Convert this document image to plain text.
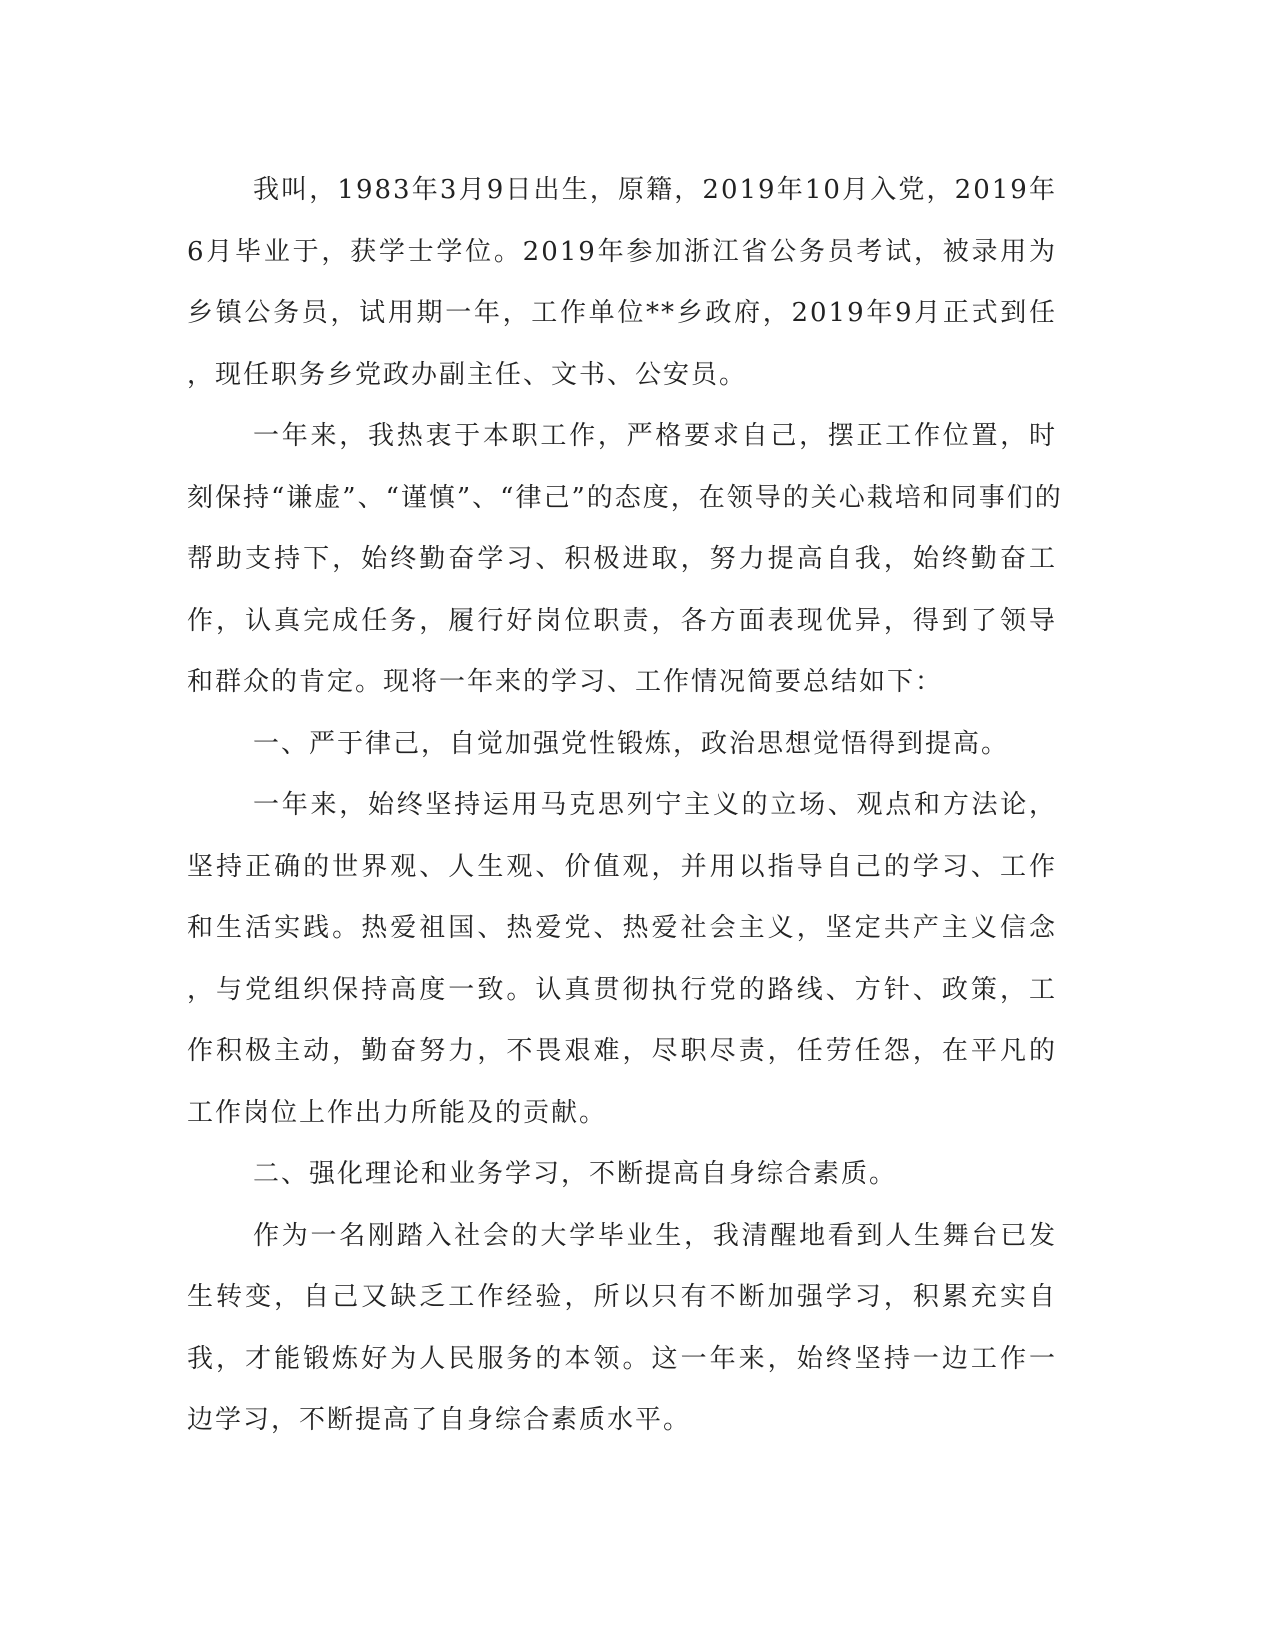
我叫，1983年3月9日出生，原籍，2019年10月入党，2019年
6月毕业于，获学士学位。2019年参加浙江省公务员考试，被录用为
乡镇公务员，试用期一年，工作单位**乡政府，2019年9月正式到任
，现任职务乡党政办副主任、文书、公安员。
一年来，我热衷于本职工作，严格要求自己，摆正工作位置，时
刻保持“谦虚”、“谨慎”、“律己”的态度，在领导的关心栽培和同事们的
帮助支持下，始终勤奋学习、积极进取，努力提高自我，始终勤奋工
作，认真完成任务，履行好岗位职责，各方面表现优异，得到了领导
和群众的肯定。现将一年来的学习、工作情况简要总结如下：
一、严于律己，自觉加强党性锻炼，政治思想觉悟得到提高。
一年来，始终坚持运用马克思列宁主义的立场、观点和方法论，
坚持正确的世界观、人生观、价值观，并用以指导自己的学习、工作
和生活实践。热爱祖国、热爱党、热爱社会主义，坚定共产主义信念
，与党组织保持高度一致。认真贯彻执行党的路线、方针、政策，工
作积极主动，勤奋努力，不畏艰难，尽职尽责，任劳任怨，在平凡的
工作岗位上作出力所能及的贡献。
二、强化理论和业务学习，不断提高自身综合素质。
作为一名刚踏入社会的大学毕业生，我清醒地看到人生舞台已发
生转变，自己又缺乏工作经验，所以只有不断加强学习，积累充实自
我，才能锻炼好为人民服务的本领。这一年来，始终坚持一边工作一
边学习，不断提高了自身综合素质水平。
